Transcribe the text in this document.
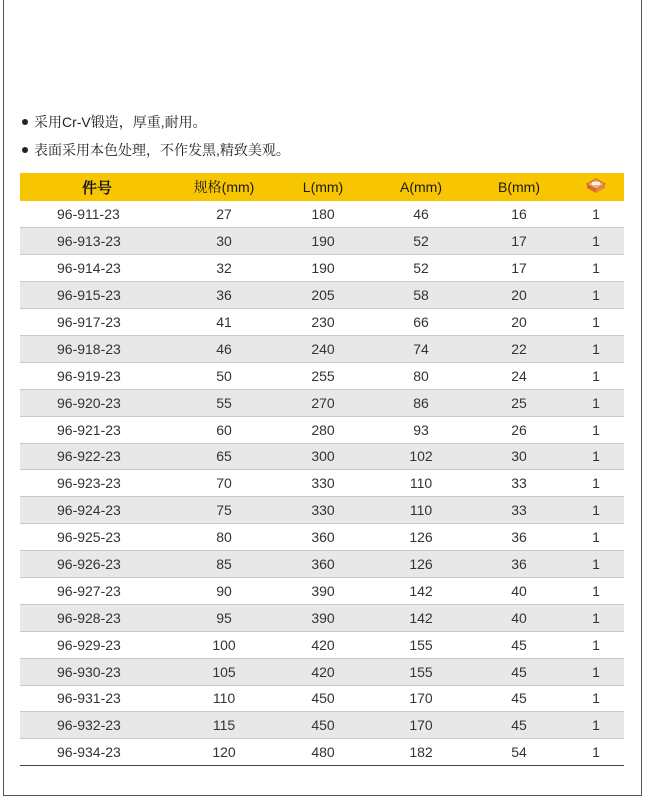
采用Cr-V锻造，厚重,耐用。
表面采用本色处理，不作发黑,精致美观。
件号	规格(mm)	L(mm)	A(mm)	B(mm)	
96-911-23	27	180	46	16	1
96-913-23	30	190	52	17	1
96-914-23	32	190	52	17	1
96-915-23	36	205	58	20	1
96-917-23	41	230	66	20	1
96-918-23	46	240	74	22	1
96-919-23	50	255	80	24	1
96-920-23	55	270	86	25	1
96-921-23	60	280	93	26	1
96-922-23	65	300	102	30	1
96-923-23	70	330	110	33	1
96-924-23	75	330	110	33	1
96-925-23	80	360	126	36	1
96-926-23	85	360	126	36	1
96-927-23	90	390	142	40	1
96-928-23	95	390	142	40	1
96-929-23	100	420	155	45	1
96-930-23	105	420	155	45	1
96-931-23	110	450	170	45	1
96-932-23	115	450	170	45	1
96-934-23	120	480	182	54	1
